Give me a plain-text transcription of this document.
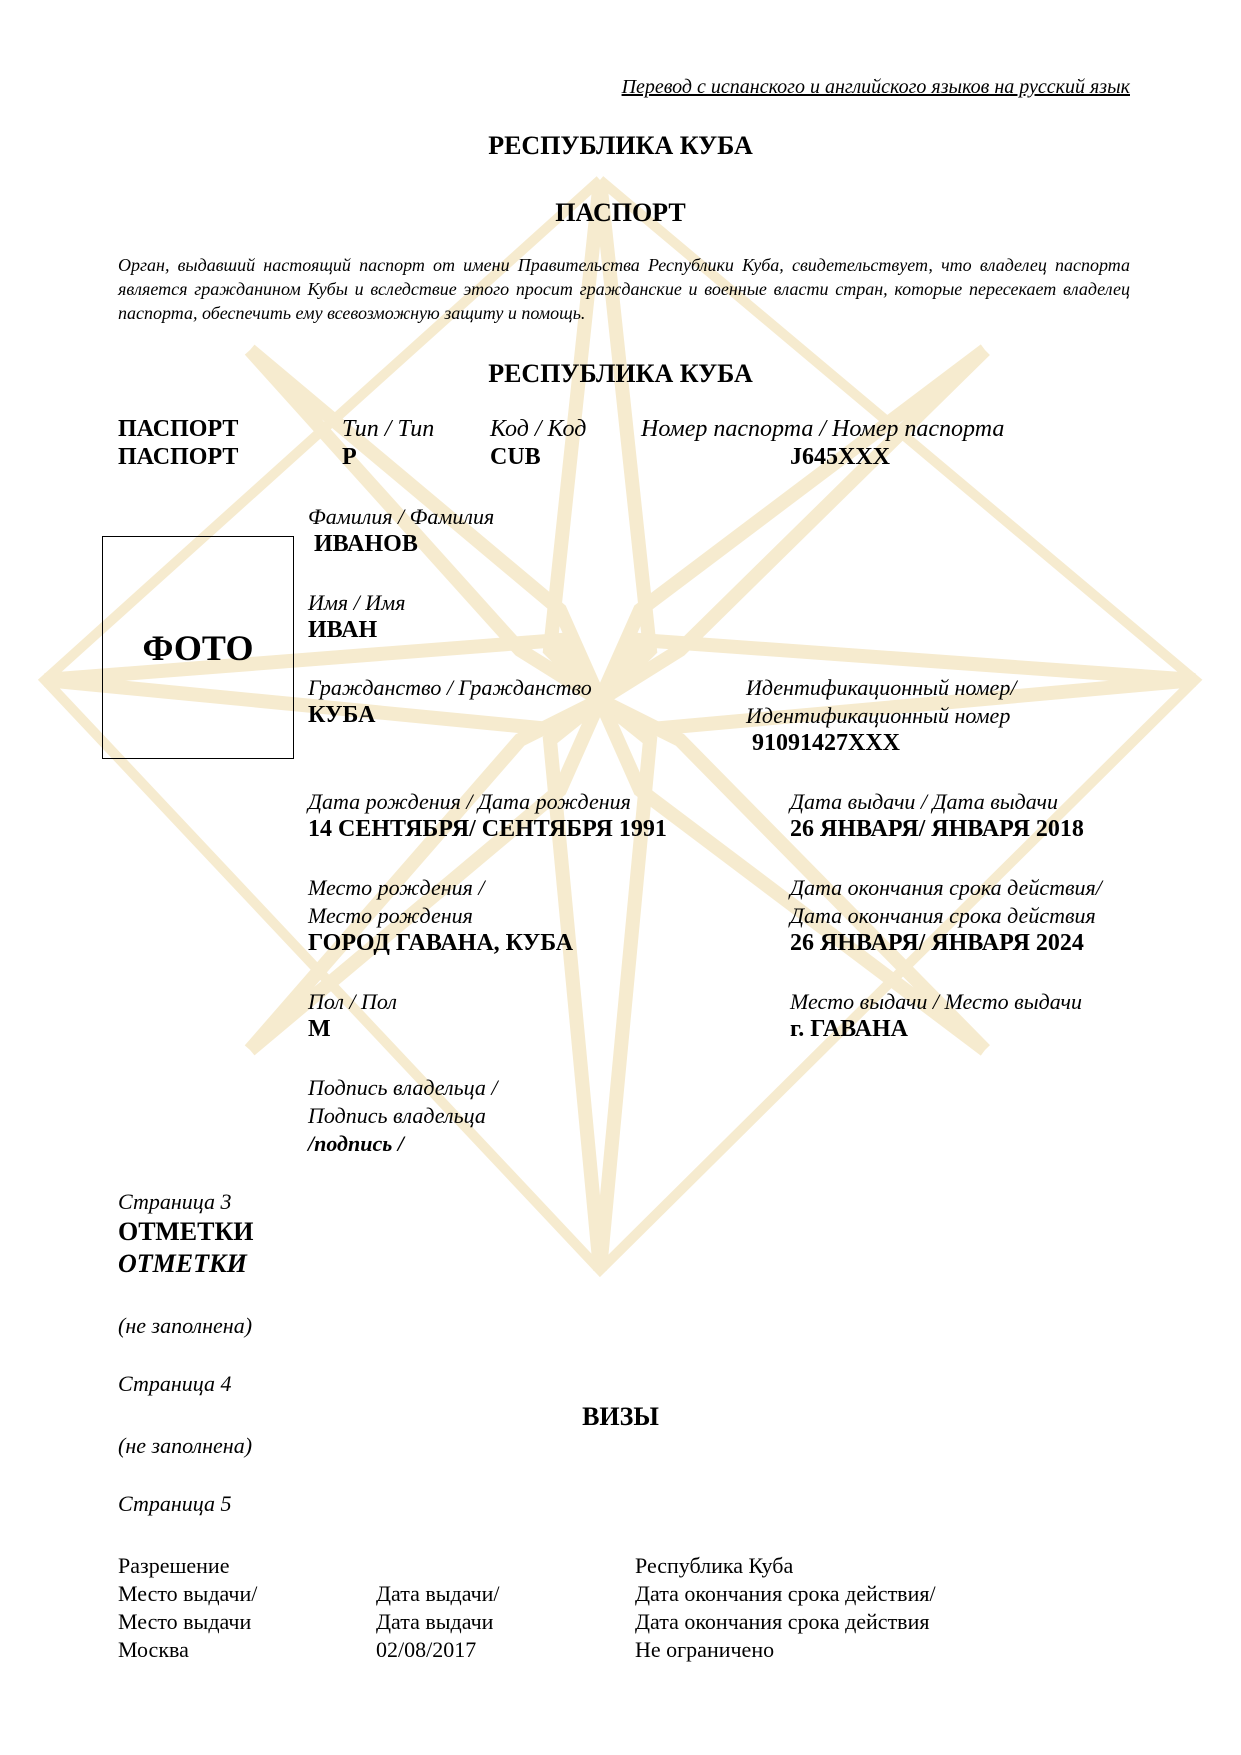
Перевод с испанского и английского языков на русский язык
РЕСПУБЛИКА КУБА
ПАСПОРТ
Орган, выдавший настоящий паспорт от имени Правительства Республики Куба, свидетельствует, что владелец паспорта является гражданином Кубы и вследствие этого просит гражданские и военные власти стран, которые пересекает владелец паспорта, обеспечить ему всевозможную защиту и помощь.
РЕСПУБЛИКА КУБА
ПАСПОРТ
ПАСПОРТ
Тип / Тип
P
Код / Код
CUB
Номер паспорта / Номер паспорта
J645XXX
ФОТО
Фамилия / Фамилия
ИВАНОВ
Имя / Имя
ИВАН
Гражданство / Гражданство
КУБА
Идентификационный номер/
Идентификационный номер
91091427XXX
Дата рождения / Дата рождения
14 СЕНТЯБРЯ/ СЕНТЯБРЯ 1991
Дата выдачи / Дата выдачи
26 ЯНВАРЯ/ ЯНВАРЯ 2018
Место рождения /
Место рождения
ГОРОД ГАВАНА, КУБА
Дата окончания срока действия/
Дата окончания срока действия
26 ЯНВАРЯ/ ЯНВАРЯ 2024
Пол / Пол
M
Место выдачи / Место выдачи
г. ГАВАНА
Подпись владельца /
Подпись владельца
/подпись /
Страница 3
ОТМЕТКИ
ОТМЕТКИ
(не заполнена)
Страница 4
ВИЗЫ
(не заполнена)
Страница 5
Разрешение
Место выдачи/
Место выдачи
Москва
Дата выдачи/
Дата выдачи
02/08/2017
Республика Куба
Дата окончания срока действия/
Дата окончания срока действия
Не ограничено
